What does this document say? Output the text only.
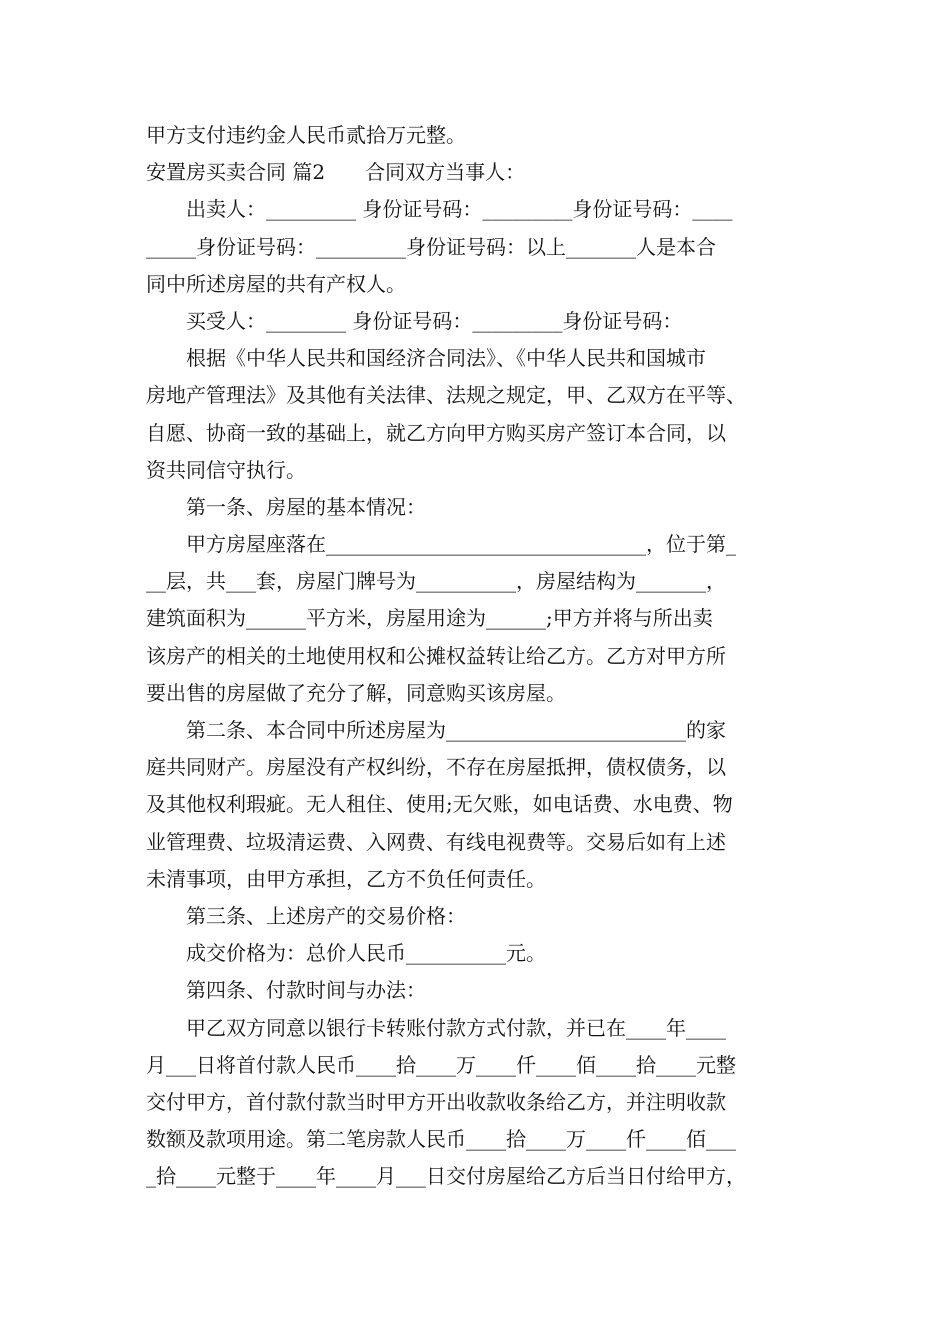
甲方支付违约金人民币贰拾万元整。
安置房买卖合同 篇2　　合同双方当事人：
　　出卖人：_________ 身份证号码：_________身份证号码：____
_____身份证号码：_________身份证号码：以上_______人是本合
同中所述房屋的共有产权人。
　　买受人：________ 身份证号码：_________身份证号码：
　　根据《中华人民共和国经济合同法》、《中华人民共和国城市
房地产管理法》及其他有关法律、法规之规定，甲、乙双方在平等、
自愿、协商一致的基础上，就乙方向甲方购买房产签订本合同，以
资共同信守执行。
　　第一条、房屋的基本情况：
　　甲方房屋座落在________________________________，位于第_
__层，共___套，房屋门牌号为__________，房屋结构为_______，
建筑面积为______平方米，房屋用途为______;甲方并将与所出卖
该房产的相关的土地使用权和公摊权益转让给乙方。乙方对甲方所
要出售的房屋做了充分了解，同意购买该房屋。
　　第二条、本合同中所述房屋为________________________的家
庭共同财产。房屋没有产权纠纷，不存在房屋抵押，债权债务，以
及其他权利瑕疵。无人租住、使用;无欠账，如电话费、水电费、物
业管理费、垃圾清运费、入网费、有线电视费等。交易后如有上述
未清事项，由甲方承担，乙方不负任何责任。
　　第三条、上述房产的交易价格：
　　成交价格为：总价人民币__________元。
　　第四条、付款时间与办法：
　　甲乙双方同意以银行卡转账付款方式付款，并已在____年____
月___日将首付款人民币____拾____万____仟____佰____拾____元整
交付甲方，首付款付款当时甲方开出收款收条给乙方，并注明收款
数额及款项用途。第二笔房款人民币____拾____万____仟____佰___
_拾____元整于____年____月___日交付房屋给乙方后当日付给甲方，
